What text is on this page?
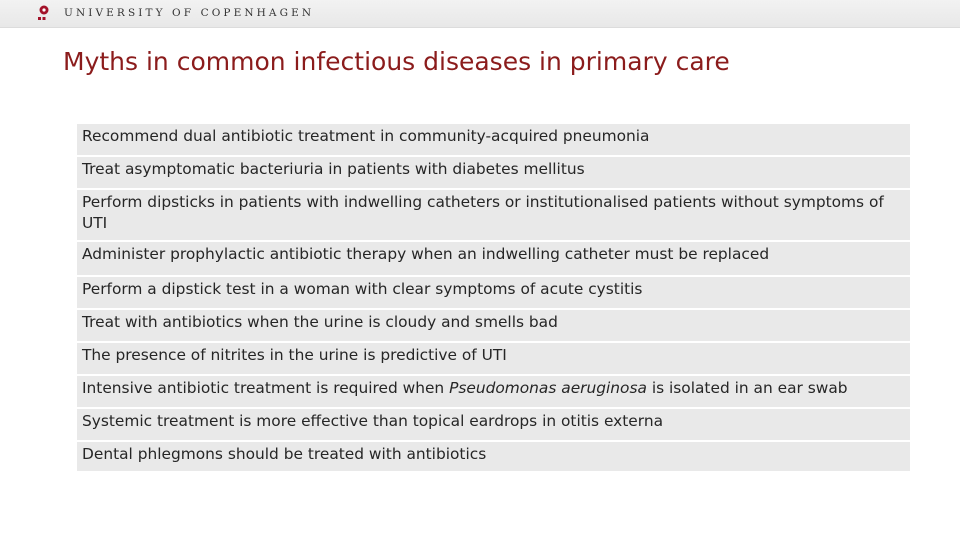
UNIVERSITY OF COPENHAGEN
Myths in common infectious diseases in primary care
Recommend dual antibiotic treatment in community-acquired pneumonia
Treat asymptomatic bacteriuria in patients with diabetes mellitus
Perform dipsticks in patients with indwelling catheters or institutionalised patients without symptoms of UTI
Administer prophylactic antibiotic therapy when an indwelling catheter must be replaced
Perform a dipstick test in a woman with clear symptoms of acute cystitis
Treat with antibiotics when the urine is cloudy and smells bad
The presence of nitrites in the urine is predictive of UTI
Intensive antibiotic treatment is required when Pseudomonas aeruginosa is isolated in an ear swab
Systemic treatment is more effective than topical eardrops in otitis externa
Dental phlegmons should be treated with antibiotics
